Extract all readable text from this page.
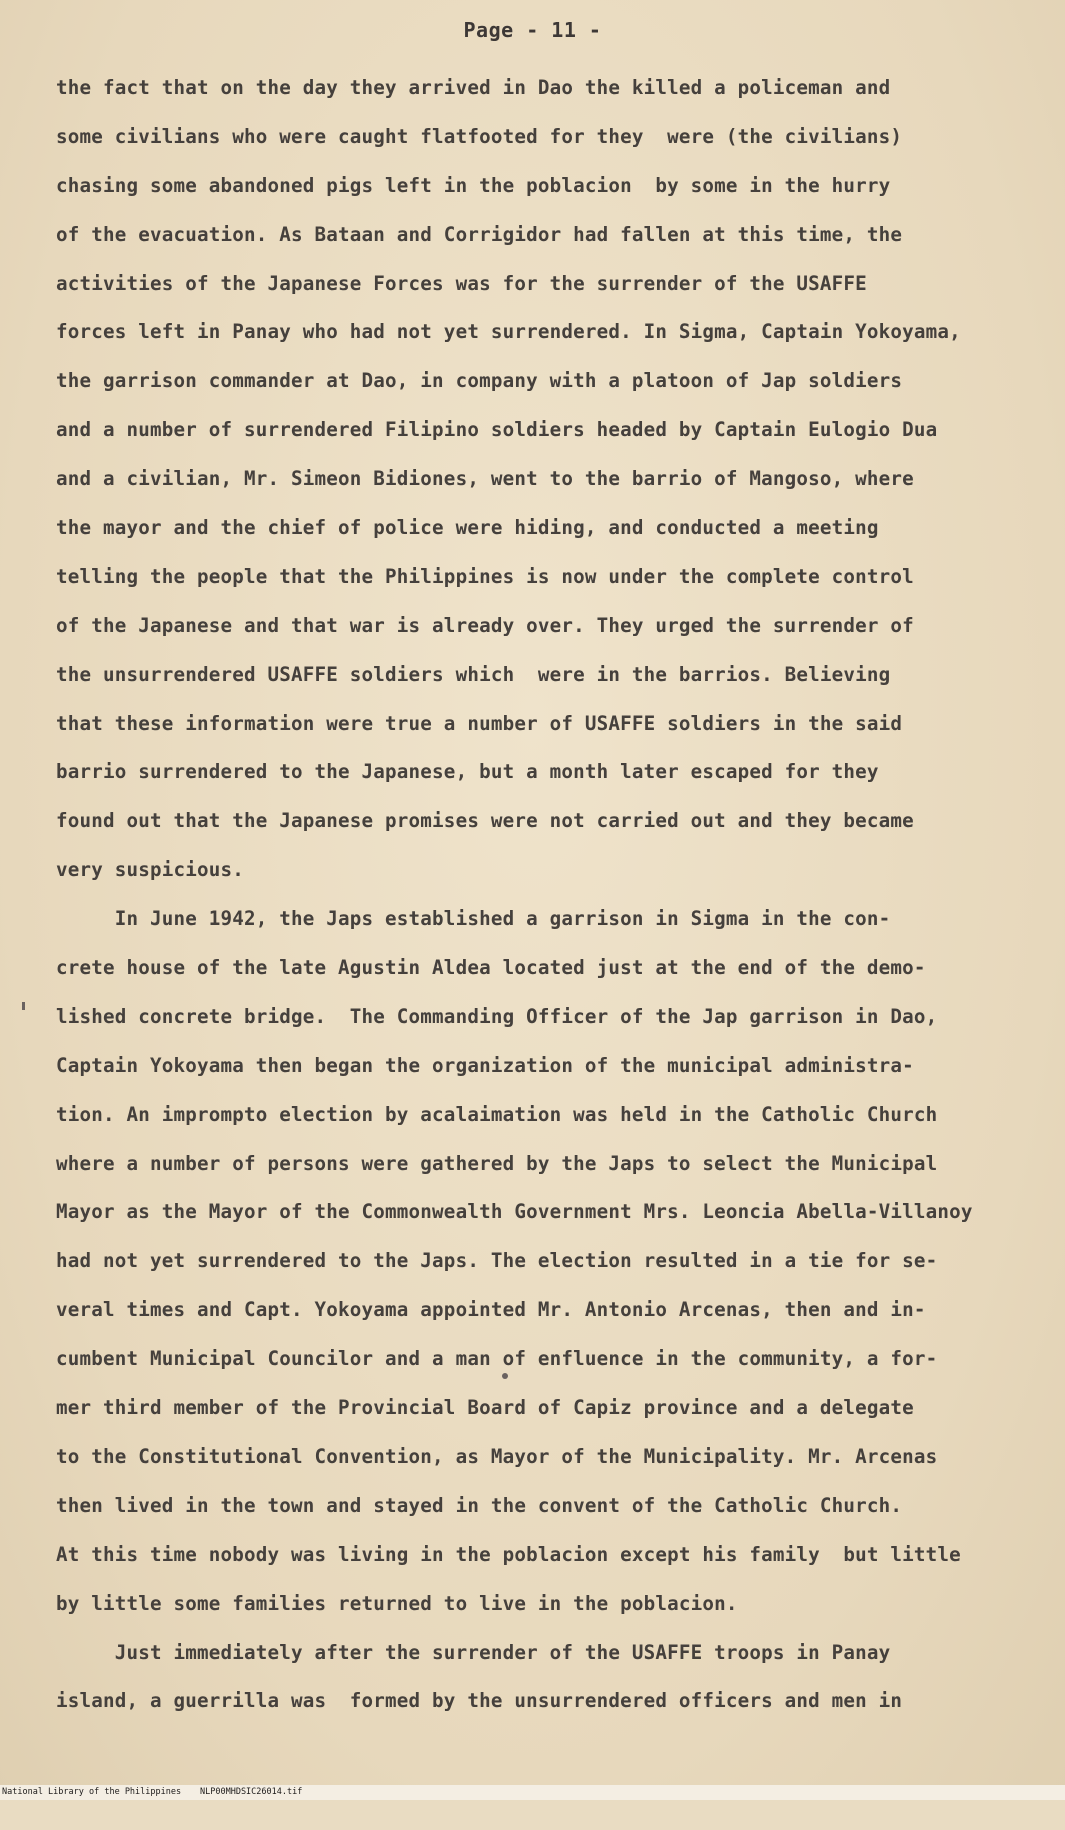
Page - 11 -
the fact that on the day they arrived in Dao the killed a policeman and
some civilians who were caught flatfooted for they  were (the civilians)
chasing some abandoned pigs left in the poblacion  by some in the hurry
of the evacuation. As Bataan and Corrigidor had fallen at this time, the
activities of the Japanese Forces was for the surrender of the USAFFE
forces left in Panay who had not yet surrendered. In Sigma, Captain Yokoyama,
the garrison commander at Dao, in company with a platoon of Jap soldiers
and a number of surrendered Filipino soldiers headed by Captain Eulogio Dua
and a civilian, Mr. Simeon Bidiones, went to the barrio of Mangoso, where
the mayor and the chief of police were hiding, and conducted a meeting
telling the people that the Philippines is now under the complete control
of the Japanese and that war is already over. They urged the surrender of
the unsurrendered USAFFE soldiers which  were in the barrios. Believing
that these information were true a number of USAFFE soldiers in the said
barrio surrendered to the Japanese, but a month later escaped for they
found out that the Japanese promises were not carried out and they became
very suspicious.
In June 1942, the Japs established a garrison in Sigma in the con-
crete house of the late Agustin Aldea located just at the end of the demo-
lished concrete bridge.  The Commanding Officer of the Jap garrison in Dao,
Captain Yokoyama then began the organization of the municipal administra-
tion. An imprompto election by acalaimation was held in the Catholic Church
where a number of persons were gathered by the Japs to select the Municipal
Mayor as the Mayor of the Commonwealth Government Mrs. Leoncia Abella-Villanoy
had not yet surrendered to the Japs. The election resulted in a tie for se-
veral times and Capt. Yokoyama appointed Mr. Antonio Arcenas, then and in-
cumbent Municipal Councilor and a man of enfluence in the community, a for-
mer third member of the Provincial Board of Capiz province and a delegate
to the Constitutional Convention, as Mayor of the Municipality. Mr. Arcenas
then lived in the town and stayed in the convent of the Catholic Church.
At this time nobody was living in the poblacion except his family  but little
by little some families returned to live in the poblacion.
Just immediately after the surrender of the USAFFE troops in Panay
island, a guerrilla was  formed by the unsurrendered officers and men in

National Library of the Philippines

NLP00MHDSIC26014.tif
